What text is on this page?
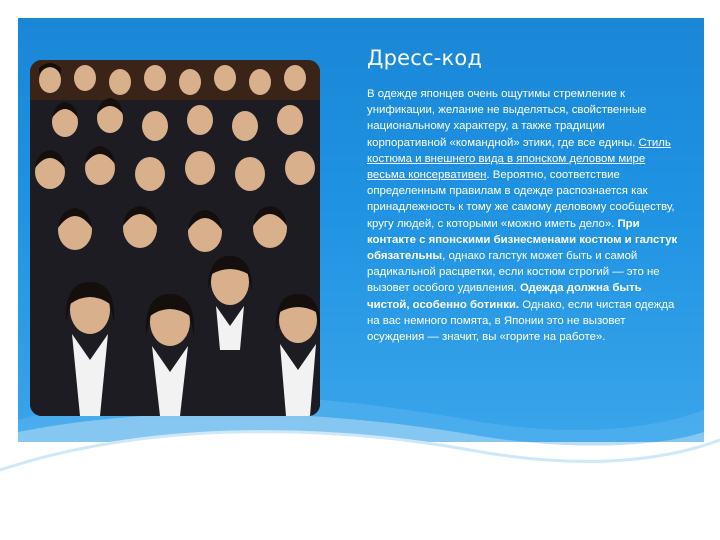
Дресс-код

В одежде японцев очень ощутимы стремление к унификации, желание не выделяться, свойственные национальному характеру, а также традиции корпоративной «командной» этики, где все едины. Стиль костюма и внешнего вида в японском деловом мире весьма консервативен. Вероятно, соответствие определенным правилам в одежде распознается как принадлежность к тому же самому деловому сообществу, кругу людей, с которыми «можно иметь дело». При контакте с японскими бизнесменами костюм и галстук обязательны, однако галстук может быть и самой радикальной расцветки, если костюм строгий — это не вызовет особого удивления. Одежда должна быть чистой, особенно ботинки. Однако, если чистая одежда на вас немного помята, в Японии это не вызовет осуждения — значит, вы «горите на работе».
